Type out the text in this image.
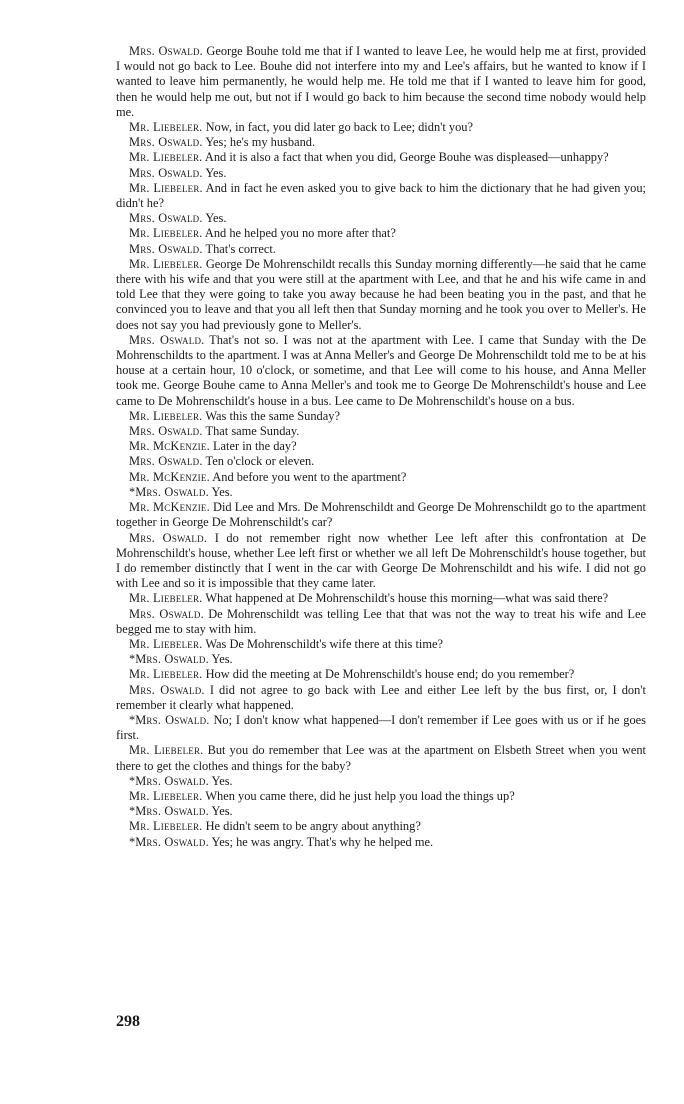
Mrs. Oswald. George Bouhe told me that if I wanted to leave Lee, he would help me at first, provided I would not go back to Lee. Bouhe did not interfere into my and Lee's affairs, but he wanted to know if I wanted to leave him permanently, he would help me. He told me that if I wanted to leave him for good, then he would help me out, but not if I would go back to him because the second time nobody would help me.

Mr. Liebeler. Now, in fact, you did later go back to Lee; didn't you?

Mrs. Oswald. Yes; he's my husband.

Mr. Liebeler. And it is also a fact that when you did, George Bouhe was displeased—unhappy?

Mrs. Oswald. Yes.

Mr. Liebeler. And in fact he even asked you to give back to him the dictionary that he had given you; didn't he?

Mrs. Oswald. Yes.

Mr. Liebeler. And he helped you no more after that?

Mrs. Oswald. That's correct.

Mr. Liebeler. George De Mohrenschildt recalls this Sunday morning differently—he said that he came there with his wife and that you were still at the apartment with Lee, and that he and his wife came in and told Lee that they were going to take you away because he had been beating you in the past, and that he convinced you to leave and that you all left then that Sunday morning and he took you over to Meller's. He does not say you had previously gone to Meller's.

Mrs. Oswald. That's not so. I was not at the apartment with Lee. I came that Sunday with the De Mohrenschildts to the apartment. I was at Anna Meller's and George De Mohrenschildt told me to be at his house at a certain hour, 10 o'clock, or sometime, and that Lee will come to his house, and Anna Meller took me. George Bouhe came to Anna Meller's and took me to George De Mohrenschildt's house and Lee came to De Mohrenschildt's house in a bus. Lee came to De Mohrenschildt's house on a bus.

Mr. Liebeler. Was this the same Sunday?

Mrs. Oswald. That same Sunday.

Mr. McKenzie. Later in the day?

Mrs. Oswald. Ten o'clock or eleven.

Mr. McKenzie. And before you went to the apartment?

*Mrs. Oswald. Yes.

Mr. McKenzie. Did Lee and Mrs. De Mohrenschildt and George De Mohrenschildt go to the apartment together in George De Mohrenschildt's car?

Mrs. Oswald. I do not remember right now whether Lee left after this confrontation at De Mohrenschildt's house, whether Lee left first or whether we all left De Mohrenschildt's house together, but I do remember distinctly that I went in the car with George De Mohrenschildt and his wife. I did not go with Lee and so it is impossible that they came later.

Mr. Liebeler. What happened at De Mohrenschildt's house this morning—what was said there?

Mrs. Oswald. De Mohrenschildt was telling Lee that that was not the way to treat his wife and Lee begged me to stay with him.

Mr. Liebeler. Was De Mohrenschildt's wife there at this time?

*Mrs. Oswald. Yes.

Mr. Liebeler. How did the meeting at De Mohrenschildt's house end; do you remember?

Mrs. Oswald. I did not agree to go back with Lee and either Lee left by the bus first, or, I don't remember it clearly what happened.

*Mrs. Oswald. No; I don't know what happened—I don't remember if Lee goes with us or if he goes first.

Mr. Liebeler. But you do remember that Lee was at the apartment on Elsbeth Street when you went there to get the clothes and things for the baby?

*Mrs. Oswald. Yes.

Mr. Liebeler. When you came there, did he just help you load the things up?

*Mrs. Oswald. Yes.

Mr. Liebeler. He didn't seem to be angry about anything?

*Mrs. Oswald. Yes; he was angry. That's why he helped me.

298
